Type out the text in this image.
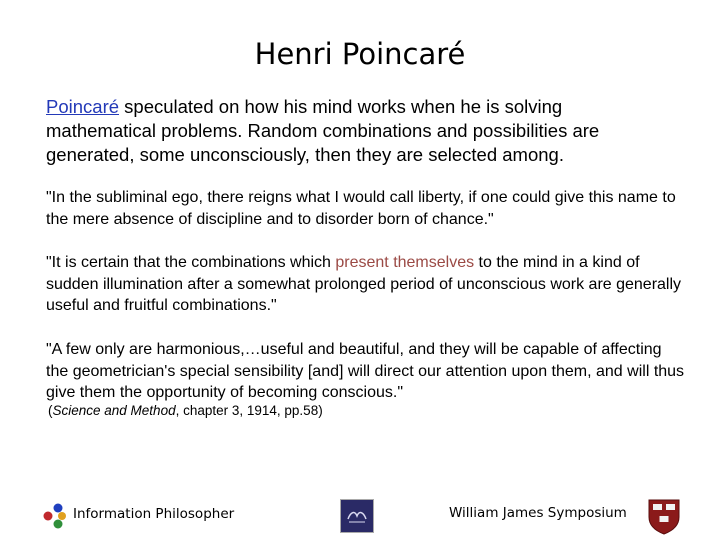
Henri Poincaré
Poincaré speculated on how his mind works when he is solving mathematical problems. Random combinations and possibilities are generated, some unconsciously, then they are selected among.
"In the subliminal ego, there reigns what I would call liberty, if one could give this name to the mere absence of discipline and to disorder born of chance."
"It is certain that the combinations which present themselves to the mind in a kind of sudden illumination after a somewhat prolonged period of unconscious work are generally useful and fruitful combinations."
"A few only are harmonious,…useful and beautiful, and they will be capable of affecting the geometrician's special sensibility [and] will direct our attention upon them, and will thus give them the opportunity of becoming conscious."
(Science and Method, chapter 3, 1914, pp.58)
Information Philosopher	William James Symposium
